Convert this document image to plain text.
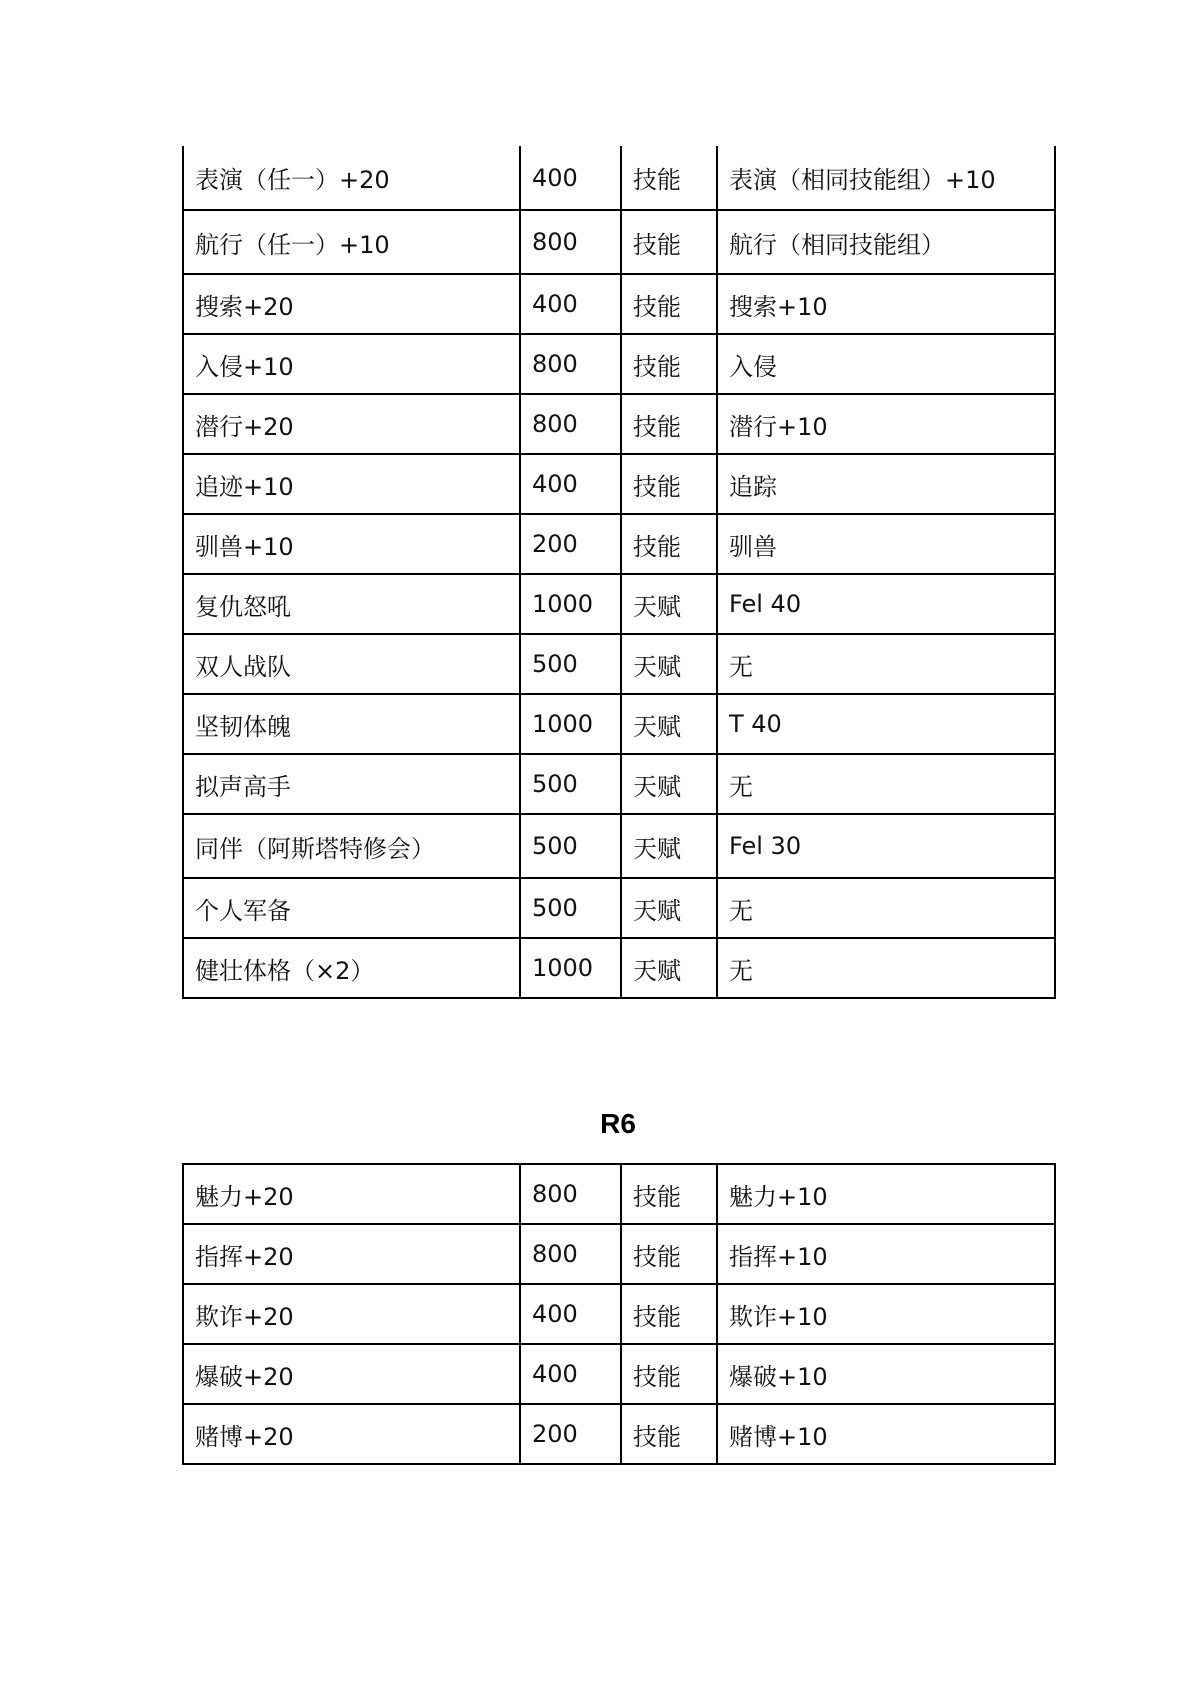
表演（任一）+20	400	技能	表演（相同技能组）+10
航行（任一）+10	800	技能	航行（相同技能组）
搜索+20	400	技能	搜索+10
入侵+10	800	技能	入侵
潜行+20	800	技能	潜行+10
追迹+10	400	技能	追踪
驯兽+10	200	技能	驯兽
复仇怒吼	1000	天赋	Fel 40
双人战队	500	天赋	无
坚韧体魄	1000	天赋	T 40
拟声高手	500	天赋	无
同伴（阿斯塔特修会）	500	天赋	Fel 30
个人军备	500	天赋	无
健壮体格（×2）	1000	天赋	无
R6
魅力+20	800	技能	魅力+10
指挥+20	800	技能	指挥+10
欺诈+20	400	技能	欺诈+10
爆破+20	400	技能	爆破+10
赌博+20	200	技能	赌博+10
